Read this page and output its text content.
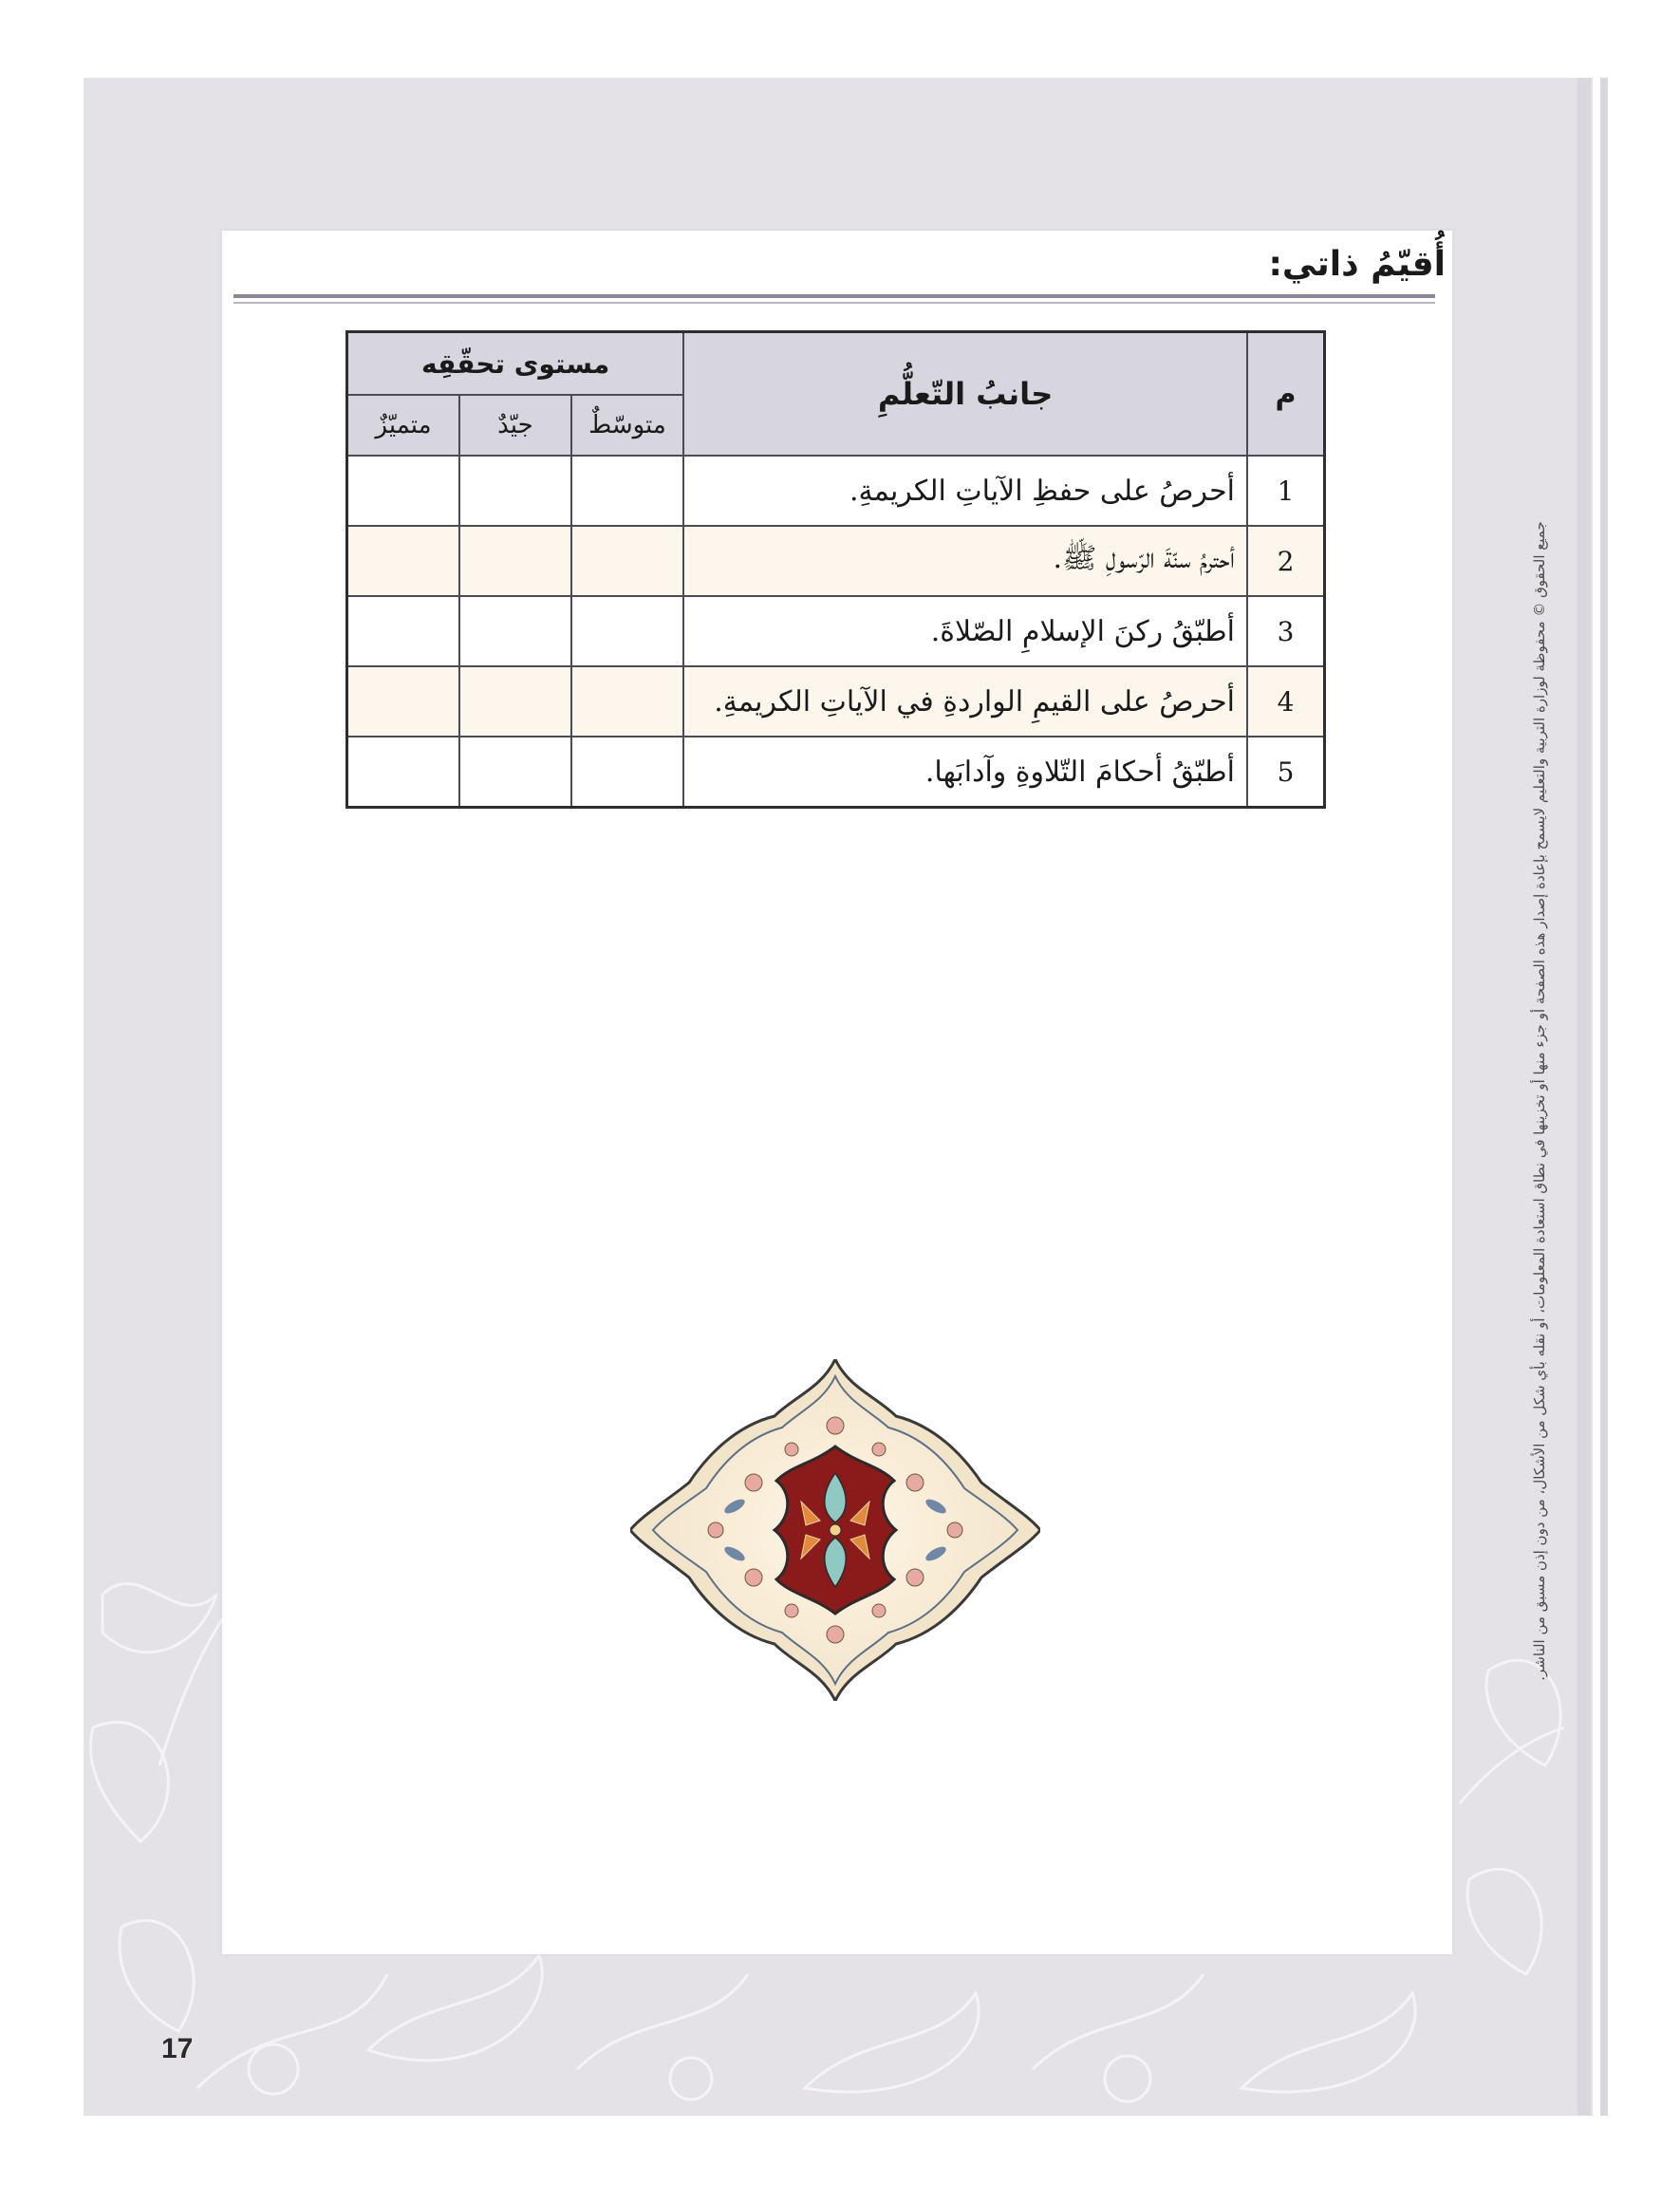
أُقيّمُ ذاتي:
م	جانبُ التّعلُّمِ	مستوى تحقّقِه		
		متوسّطٌ	جيّدٌ	متميّزٌ
1	أحرصُ على حفظِ الآياتِ الكريمةِ.			
2	أحترمُ سنّةَ الرّسولِ ﷺ.			
3	أطبّقُ ركنَ الإسلامِ الصّلاةَ.			
4	أحرصُ على القيمِ الواردةِ في الآياتِ الكريمةِ.			
5	أطبّقُ أحكامَ التّلاوةِ وآدابَها.			
17
جميع الحقوق © محفوظة لوزارة التربية والتعليم لايسمح بإعادة إصدار هذه الصفحة أو جزء منها أو تخزينها في نطاق استعادة المعلومات، أو نقله بأي شكل من الأشكال، من دون إذن مسبق من الناشر.
